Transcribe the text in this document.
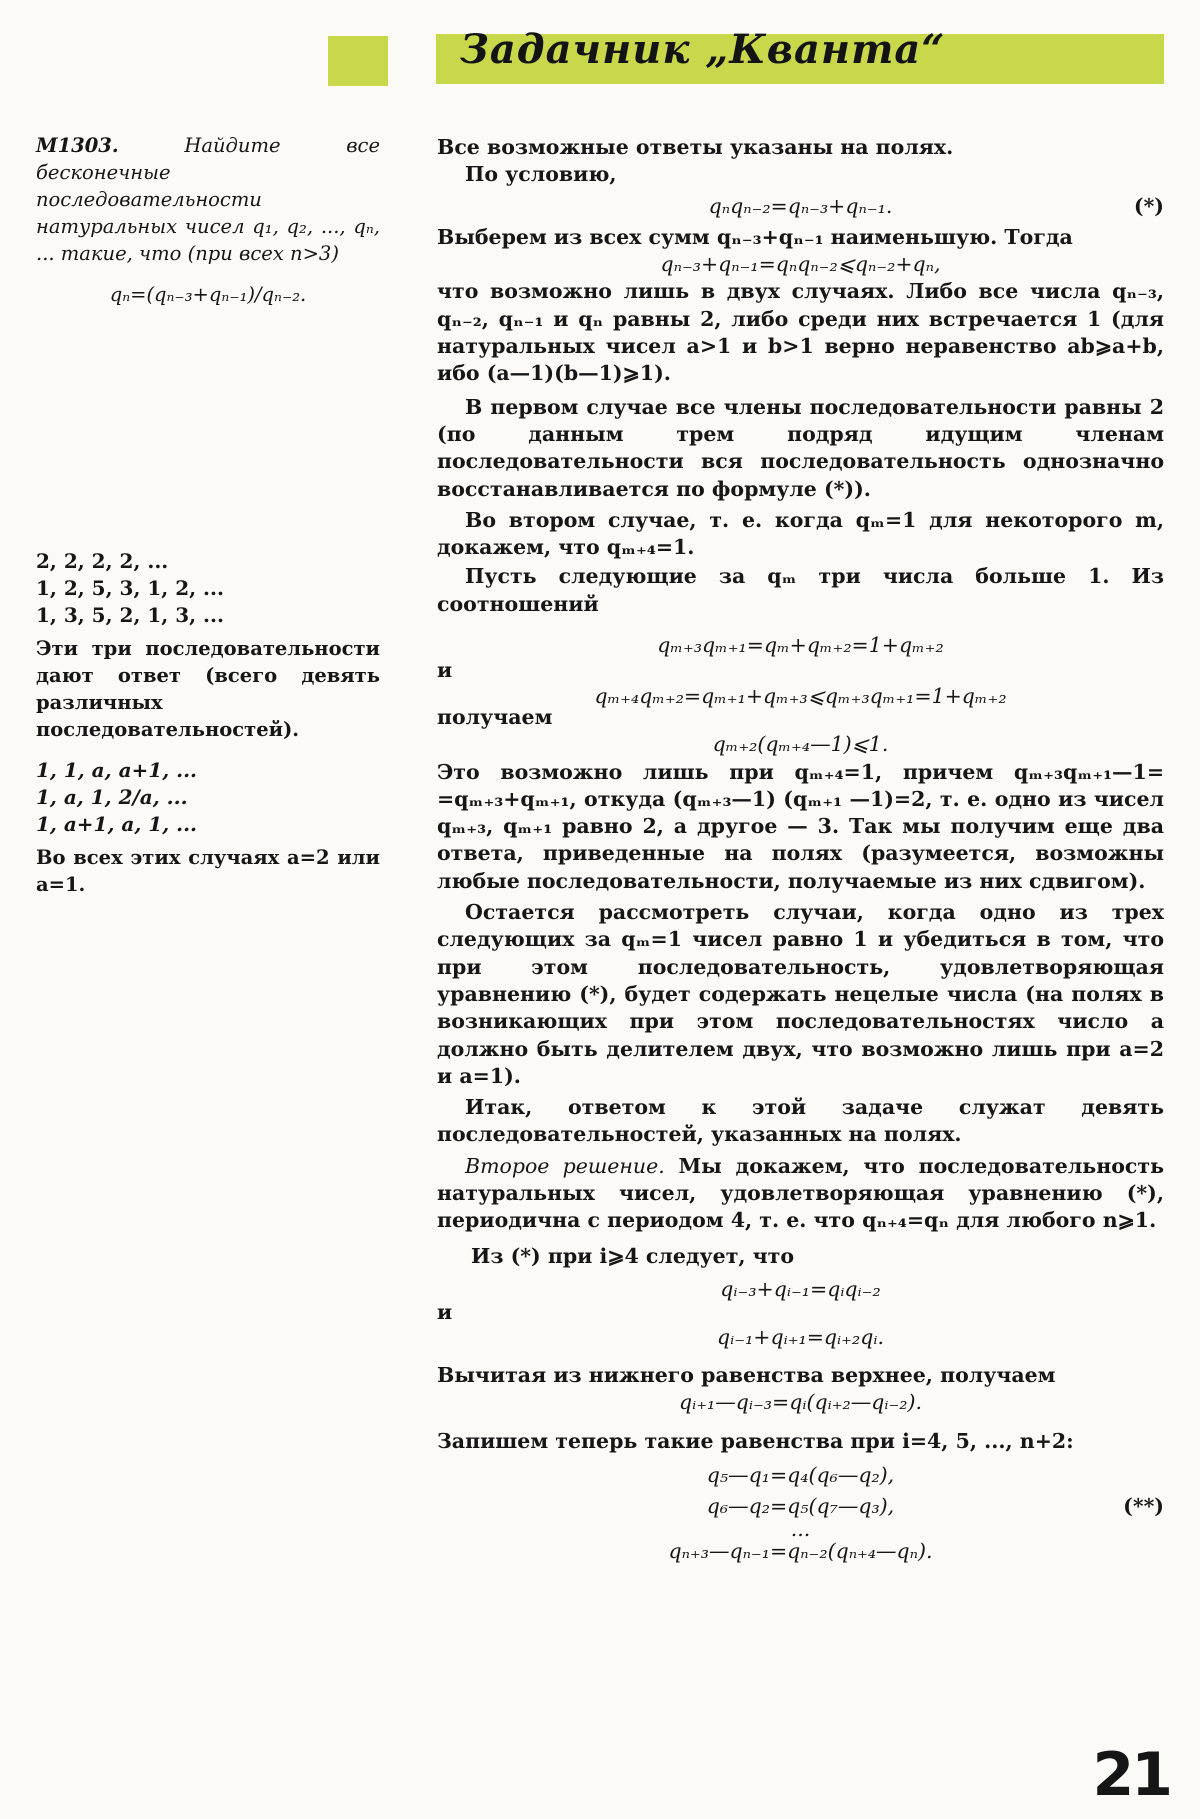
Задачник „Кванта“

М1303.	Найдите все бесконечные последовательности натуральных чисел q₁, q₂, ..., qₙ, ... такие, что (при всех n>3)

qₙ=(qₙ₋₃+qₙ₋₁)/qₙ₋₂.

2, 2, 2, 2, ...

1, 2, 5, 3, 1, 2, ...

1, 3, 5, 2, 1, 3, ...

Эти три последовательности дают ответ (всего девять различных последовательностей).

1, 1, a, a+1, ...

1, a, 1, 2/a, ...

1, a+1, a, 1, ...

Во всех этих случаях a=2 или a=1.

Все возможные ответы указаны на полях.

По условию,

qₙqₙ₋₂=qₙ₋₃+qₙ₋₁.	(*)

Выберем из всех сумм qₙ₋₃+qₙ₋₁ наименьшую. Тогда

qₙ₋₃+qₙ₋₁=qₙqₙ₋₂⩽qₙ₋₂+qₙ,

что возможно лишь в двух случаях. Либо все числа qₙ₋₃, qₙ₋₂, qₙ₋₁ и qₙ равны 2, либо среди них встречается 1 (для натуральных чисел a>1 и b>1 верно неравенство ab⩾a+b, ибо (a—1)(b—1)⩾1).

В первом случае все члены последовательности равны 2 (по данным трем подряд идущим членам последовательности вся последовательность однозначно восстанавливается по формуле (*)).

Во втором случае, т. е. когда qₘ=1 для некоторого m, докажем, что qₘ₊₄=1.

Пусть следующие за qₘ три числа больше 1. Из соотношений

qₘ₊₃qₘ₊₁=qₘ+qₘ₊₂=1+qₘ₊₂

и

qₘ₊₄qₘ₊₂=qₘ₊₁+qₘ₊₃⩽qₘ₊₃qₘ₊₁=1+qₘ₊₂

получаем

qₘ₊₂(qₘ₊₄—1)⩽1.

Это возможно лишь при qₘ₊₄=1, причем qₘ₊₃qₘ₊₁—1= =qₘ₊₃+qₘ₊₁, откуда (qₘ₊₃—1) (qₘ₊₁ —1)=2, т. е. одно из чисел qₘ₊₃, qₘ₊₁ равно 2, а другое — 3. Так мы получим еще два ответа, приведенные на полях (разумеется, возможны любые последовательности, получаемые из них сдвигом).

Остается рассмотреть случаи, когда одно из трех следующих за qₘ=1 чисел равно 1 и убедиться в том, что при этом последовательность, удовлетворяющая уравнению (*), будет содержать нецелые числа (на полях в возникающих при этом последовательностях число a должно быть делителем двух, что возможно лишь при a=2 и a=1).

Итак, ответом к этой задаче служат девять последовательностей, указанных на полях.

Второе решение. Мы докажем, что последовательность натуральных чисел, удовлетворяющая уравнению (*), периодична с периодом 4, т. е. что qₙ₊₄=qₙ для любого n⩾1.

Из (*) при i⩾4 следует, что

qᵢ₋₃+qᵢ₋₁=qᵢqᵢ₋₂

и

qᵢ₋₁+qᵢ₊₁=qᵢ₊₂qᵢ.

Вычитая из нижнего равенства верхнее, получаем

qᵢ₊₁—qᵢ₋₃=qᵢ(qᵢ₊₂—qᵢ₋₂).

Запишем теперь такие равенства при i=4, 5, ..., n+2:

q₅—q₁=q₄(q₆—q₂),
q₆—q₂=q₅(q₇—q₃),	(**)
...
qₙ₊₃—qₙ₋₁=qₙ₋₂(qₙ₊₄—qₙ).
21
